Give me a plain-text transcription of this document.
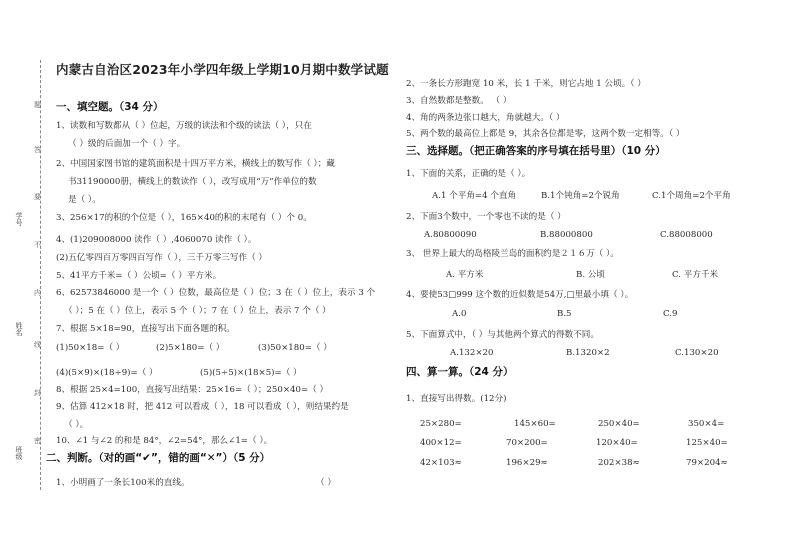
学号
姓名
班级
题
答
要
不
内
线
封
密
内蒙古自治区2023年小学四年级上学期10月期中数学试题
一、填空题。（34 分）
1、读数和写数都从（ ）位起，万级的读法和个级的读法（ ），只在
（ ）级的后面加一个（ ）字。
2、中国国家图书馆的建筑面积是十四万平方米，横线上的数写作（ ）；藏
书31190000册，横线上的数读作（ ），改写成用“万”作单位的数
是（ ）。
3、256×17的积的个位是（ ），165×40的积的末尾有（ ）个 0。
4、(1)209008000 读作（ ）,4060070 读作（ ）。
(2)五亿零四百万零四百写作（ ），三千万零三写作（ ）
5、41平方千米=（ ）公顷=（ ）平方米。
6、62573846000 是一个（ ）位数，最高位是（ ）位；3 在（ ）位上，表示 3 个
（ ）；5 在（ ）位上，表示 5 个（ ）；7 在（ ）位上，表示 7 个（ ）
7、根据 5×18=90，直接写出下面各题的积。
(1)50×18=（ ）	(2)5×180=（ ）	(3)50×180=（ ）
(4)(5×9)×(18÷9)=（ ）	(5)(5÷5)×(18×5)=（ ）
8、根据 25×4=100，直接写出结果：25×16=（ ）；250×40=（ ）
9、估算 412×18 时，把 412 可以看成（ ），18 可以看成（ ），则结果约是
（ ）。
10、∠1 与∠2 的和是 84°，∠2=54°，那么∠1=（ ）。
二、判断。（对的画“✔”，错的画“✕”）（5 分）
1、小明画了一条长100米的直线。	（ ）
2、一条长方形跑宽 10 米，长 1 千米，则它占地 1 公顷。（ ）
3、自然数都是整数。 （ ）
4、角的两条边张口越大，角就越大。（ ）
5、两个数的最高位上都是 9，其余各位都是零，这两个数一定相等。（ ）
三、选择题。（把正确答案的序号填在括号里）（10 分）
1、下面的关系，正确的是（ ）。
A.1 个平角=4 个直角	B.1个钝角=2个锐角	C.1个周角=2个平角
2、下面3个数中，一个零也不读的是（ ）
A.80800090	B.88000800	C.88008000
3、 世界上最大的岛格陵兰岛的面积约是２１６万（ ）。
A. 平方米	B. 公顷	C. 平方千米
4、要使53□999 这个数的近似数是54万,□里最小填（ ）。
A.0	B.5	C.9
5、下面算式中，（ ）与其他两个算式的得数不同。
A.132×20	B.1320×2	C.130×20
四、算一算。（24 分）
1、直接写出得数。(12分)
25×280=	145×60=	250×40=	350×4=
400×12=	70×200=	120×40=	125×40=
42×103≈	196×29≈	202×38≈	79×204≈
